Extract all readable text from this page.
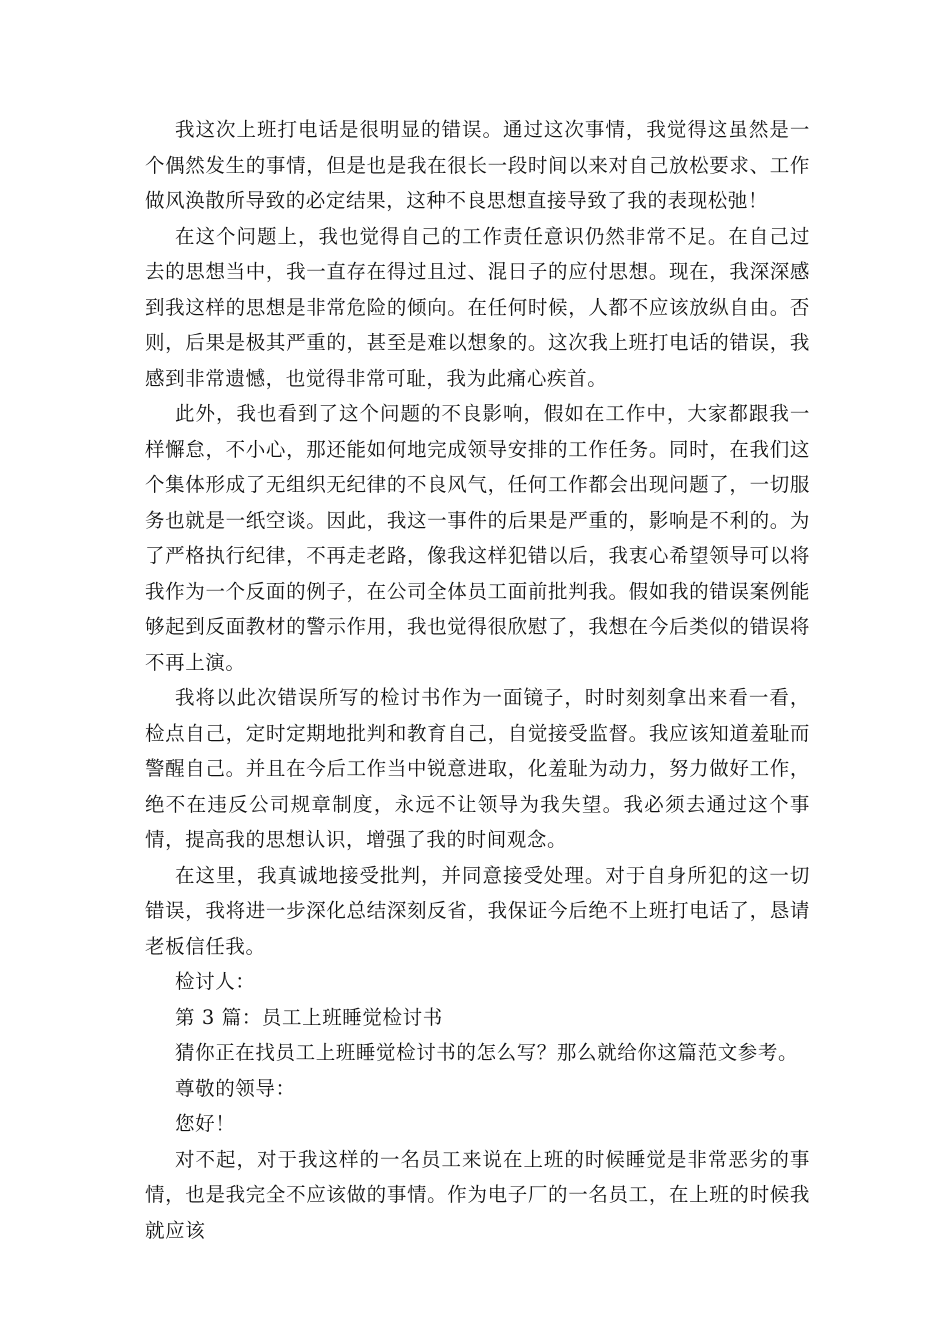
我这次上班打电话是很明显的错误。通过这次事情，我觉得这虽然是一个偶然发生的事情，但是也是我在很长一段时间以来对自己放松要求、工作做风涣散所导致的必定结果，这种不良思想直接导致了我的表现松弛！

在这个问题上，我也觉得自己的工作责任意识仍然非常不足。在自己过去的思想当中，我一直存在得过且过、混日子的应付思想。现在，我深深感到我这样的思想是非常危险的倾向。在任何时候，人都不应该放纵自由。否则，后果是极其严重的，甚至是难以想象的。这次我上班打电话的错误，我感到非常遗憾，也觉得非常可耻，我为此痛心疾首。

此外，我也看到了这个问题的不良影响，假如在工作中，大家都跟我一样懈怠，不小心，那还能如何地完成领导安排的工作任务。同时，在我们这个集体形成了无组织无纪律的不良风气，任何工作都会出现问题了，一切服务也就是一纸空谈。因此，我这一事件的后果是严重的，影响是不利的。为了严格执行纪律，不再走老路，像我这样犯错以后，我衷心希望领导可以将我作为一个反面的例子，在公司全体员工面前批判我。假如我的错误案例能够起到反面教材的警示作用，我也觉得很欣慰了，我想在今后类似的错误将不再上演。

我将以此次错误所写的检讨书作为一面镜子，时时刻刻拿出来看一看，检点自己，定时定期地批判和教育自己，自觉接受监督。我应该知道羞耻而警醒自己。并且在今后工作当中锐意进取，化羞耻为动力，努力做好工作，绝不在违反公司规章制度，永远不让领导为我失望。我必须去通过这个事情，提高我的思想认识，增强了我的时间观念。

在这里，我真诚地接受批判，并同意接受处理。对于自身所犯的这一切错误，我将进一步深化总结深刻反省，我保证今后绝不上班打电话了，恳请老板信任我。

检讨人：

第 3 篇：员工上班睡觉检讨书

猜你正在找员工上班睡觉检讨书的怎么写？那么就给你这篇范文参考。

尊敬的领导：

您好！

对不起，对于我这样的一名员工来说在上班的时候睡觉是非常恶劣的事情，也是我完全不应该做的事情。作为电子厂的一名员工，在上班的时候我就应该
